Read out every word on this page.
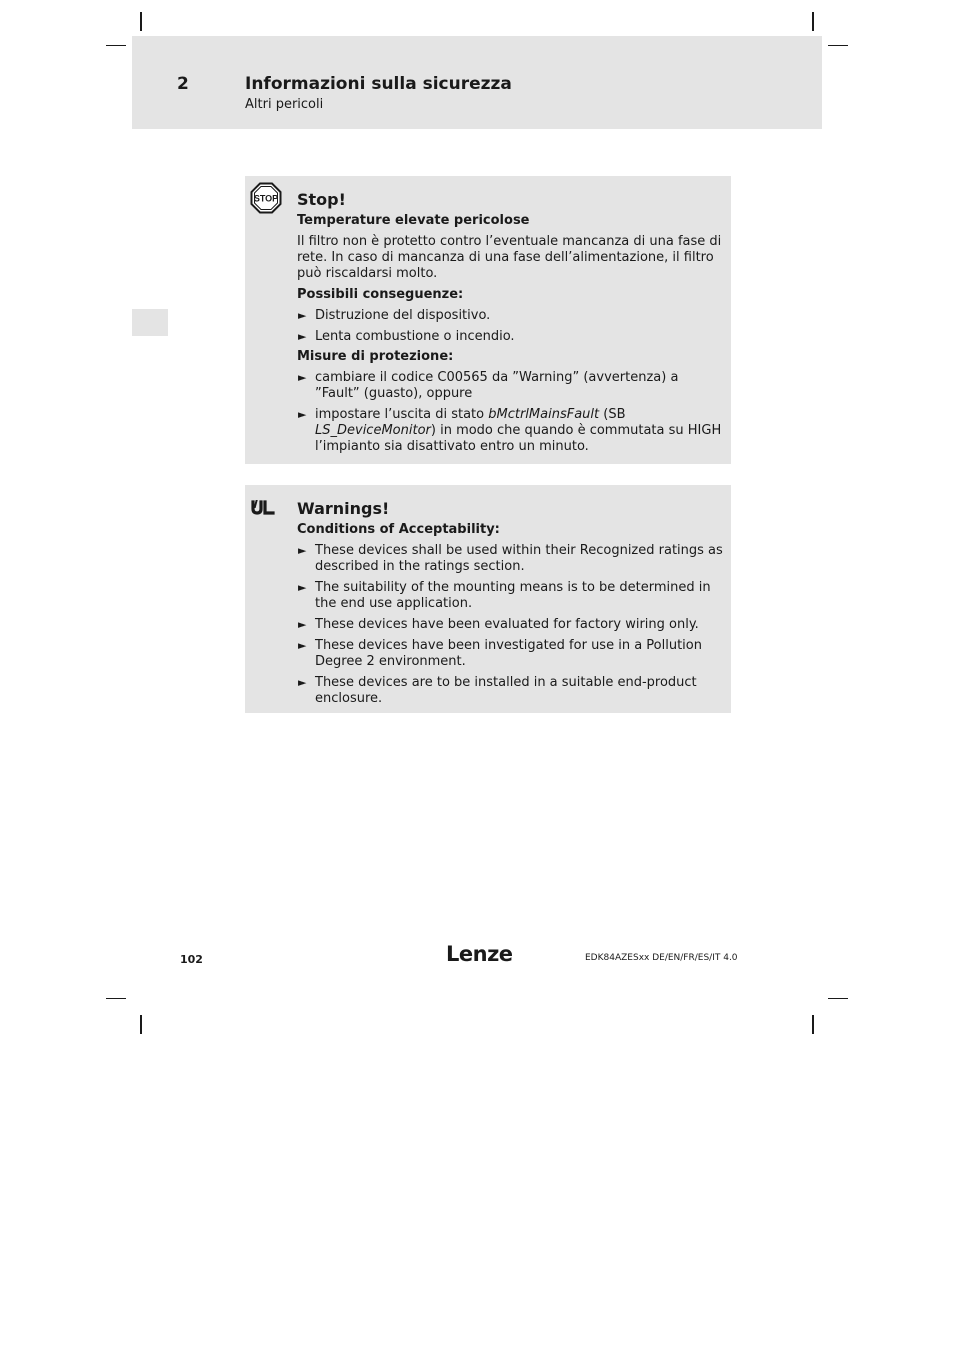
2	Informazioni sulla sicurezza
Altri pericoli
STOP Stop!
Temperature elevate pericolose
Il filtro non è protetto contro l’eventuale mancanza di una fase di rete. In caso di mancanza di una fase dell’alimentazione, il filtro può riscaldarsi molto.
Possibili conseguenze:
► Distruzione del dispositivo.
► Lenta combustione o incendio.
Misure di protezione:
► cambiare il codice C00565 da ”Warning” (avvertenza) a ”Fault” (guasto), oppure
► impostare l’uscita di stato bMctrlMainsFault (SB LS_DeviceMonitor) in modo che quando è commutata su HIGH l’impianto sia disattivato entro un minuto.
Warnings!
Conditions of Acceptability:
► These devices shall be used within their Recognized ratings as described in the ratings section.
► The suitability of the mounting means is to be determined in the end use application.
► These devices have been evaluated for factory wiring only.
► These devices have been investigated for use in a Pollution Degree 2 environment.
► These devices are to be installed in a suitable end-product enclosure.
102	Lenze	EDK84AZESxx DE/EN/FR/ES/IT 4.0
